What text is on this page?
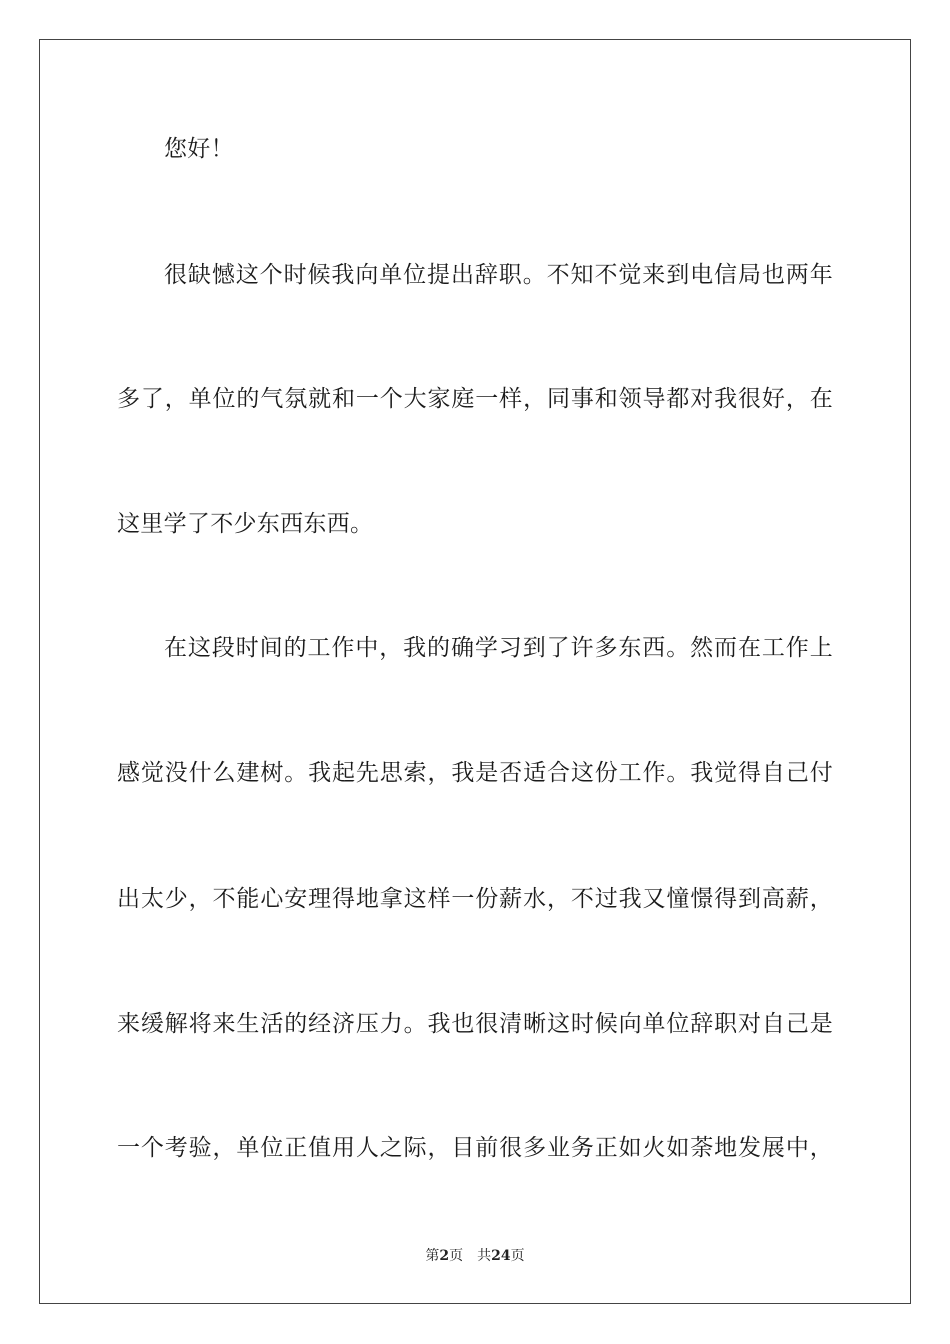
您好！
很缺憾这个时候我向单位提出辞职。不知不觉来到电信局也两年
多了，单位的气氛就和一个大家庭一样，同事和领导都对我很好，在
这里学了不少东西东西。
在这段时间的工作中，我的确学习到了许多东西。然而在工作上
感觉没什么建树。我起先思索，我是否适合这份工作。我觉得自己付
出太少，不能心安理得地拿这样一份薪水，不过我又憧憬得到高薪，
来缓解将来生活的经济压力。我也很清晰这时候向单位辞职对自己是
一个考验，单位正值用人之际，目前很多业务正如火如荼地发展中，
第2页 共24页
